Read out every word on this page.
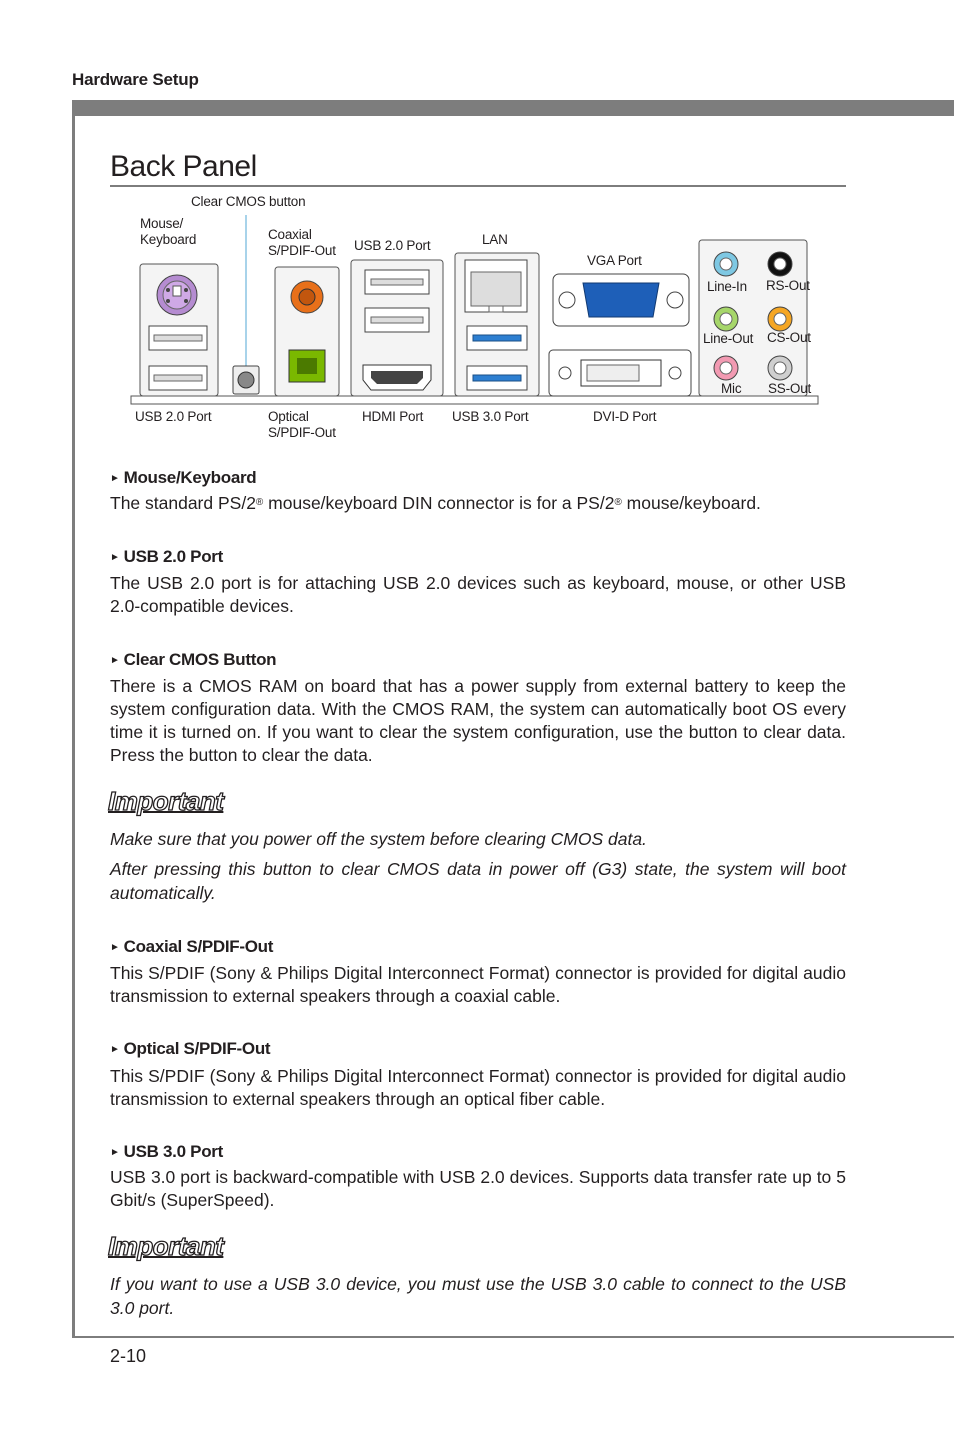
Hardware Setup
Back Panel
Clear CMOS button
Mouse/
Keyboard	Coaxial
S/PDIF-Out USB 2.0 Port	LAN
VGA Port
Line-In RS-Out
Line-Out CS-Out
Mic SS-Out
USB 2.0 Port	Optical
S/PDIF-Out
HDMI Port USB 3.0 Port	DVI-D Port
► Mouse/Keyboard
The standard PS/2® mouse/keyboard DIN connector is for a PS/2® mouse/keyboard.
► USB 2.0 Port
The USB 2.0 port is for attaching USB 2.0 devices such as keyboard, mouse, or other USB 2.0-compatible devices.
► Clear CMOS Button
There is a CMOS RAM on board that has a power supply from external battery to keep the system configuration data. With the CMOS RAM, the system can automatically boot OS every time it is turned on. If you want to clear the system configuration, use the button to clear data. Press the button to clear the data.
Important
Make sure that you power off the system before clearing CMOS data.
After pressing this button to clear CMOS data in power off (G3) state, the system will boot automatically.
► Coaxial S/PDIF-Out
This S/PDIF (Sony & Philips Digital Interconnect Format) connector is provided for digital audio transmission to external speakers through a coaxial cable.
► Optical S/PDIF-Out
This S/PDIF (Sony & Philips Digital Interconnect Format) connector is provided for digital audio transmission to external speakers through an optical fiber cable.
► USB 3.0 Port
USB 3.0 port is backward-compatible with USB 2.0 devices. Supports data transfer rate up to 5 Gbit/s (SuperSpeed).
Important
If you want to use a USB 3.0 device, you must use the USB 3.0 cable to connect to the USB 3.0 port.
2-10
